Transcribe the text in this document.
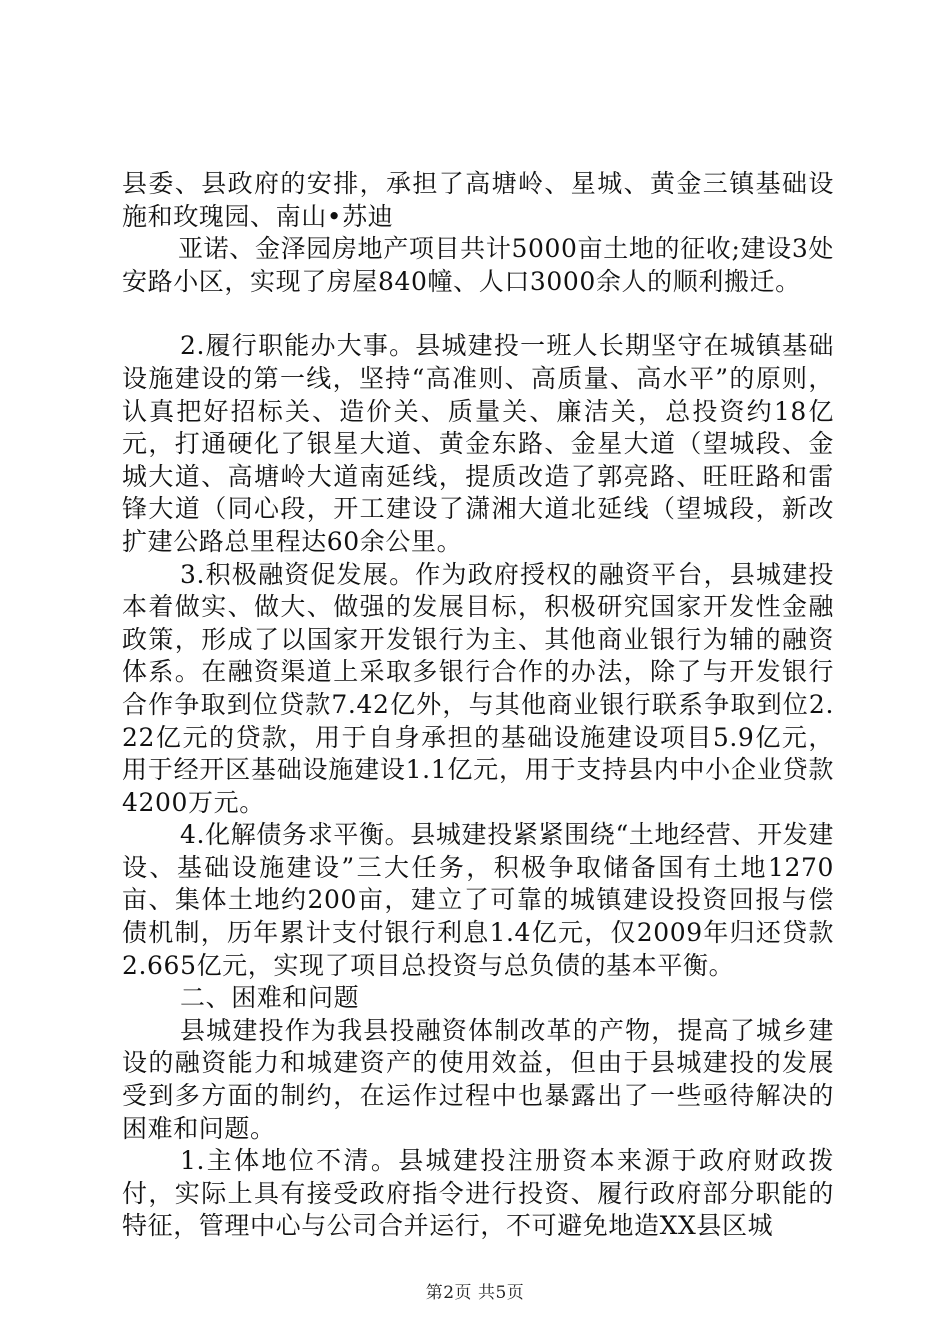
县委、县政府的安排，承担了高塘岭、星城、黄金三镇基础设施和玫瑰园、南山•苏迪

亚诺、金泽园房地产项目共计5000亩土地的征收;建设3处安路小区，实现了房屋840幢、人口3000余人的顺利搬迁。

2.履行职能办大事。县城建投一班人长期坚守在城镇基础设施建设的第一线，坚持“高准则、高质量、高水平”的原则，认真把好招标关、造价关、质量关、廉洁关，总投资约18亿元，打通硬化了银星大道、黄金东路、金星大道（望城段、金城大道、高塘岭大道南延线，提质改造了郭亮路、旺旺路和雷锋大道（同心段，开工建设了潇湘大道北延线（望城段，新改扩建公路总里程达60余公里。

3.积极融资促发展。作为政府授权的融资平台，县城建投本着做实、做大、做强的发展目标，积极研究国家开发性金融政策，形成了以国家开发银行为主、其他商业银行为辅的融资体系。在融资渠道上采取多银行合作的办法，除了与开发银行合作争取到位贷款7.42亿外，与其他商业银行联系争取到位2.22亿元的贷款，用于自身承担的基础设施建设项目5.9亿元，用于经开区基础设施建设1.1亿元，用于支持县内中小企业贷款4200万元。

4.化解债务求平衡。县城建投紧紧围绕“土地经营、开发建设、基础设施建设”三大任务，积极争取储备国有土地1270亩、集体土地约200亩，建立了可靠的城镇建设投资回报与偿债机制，历年累计支付银行利息1.4亿元，仅2009年归还贷款2.665亿元，实现了项目总投资与总负债的基本平衡。

二、困难和问题

县城建投作为我县投融资体制改革的产物，提高了城乡建设的融资能力和城建资产的使用效益，但由于县城建投的发展受到多方面的制约，在运作过程中也暴露出了一些亟待解决的困难和问题。

1.主体地位不清。县城建投注册资本来源于政府财政拨付，实际上具有接受政府指令进行投资、履行政府部分职能的特征，管理中心与公司合并运行，不可避免地造XX县区城

第2页 共5页
